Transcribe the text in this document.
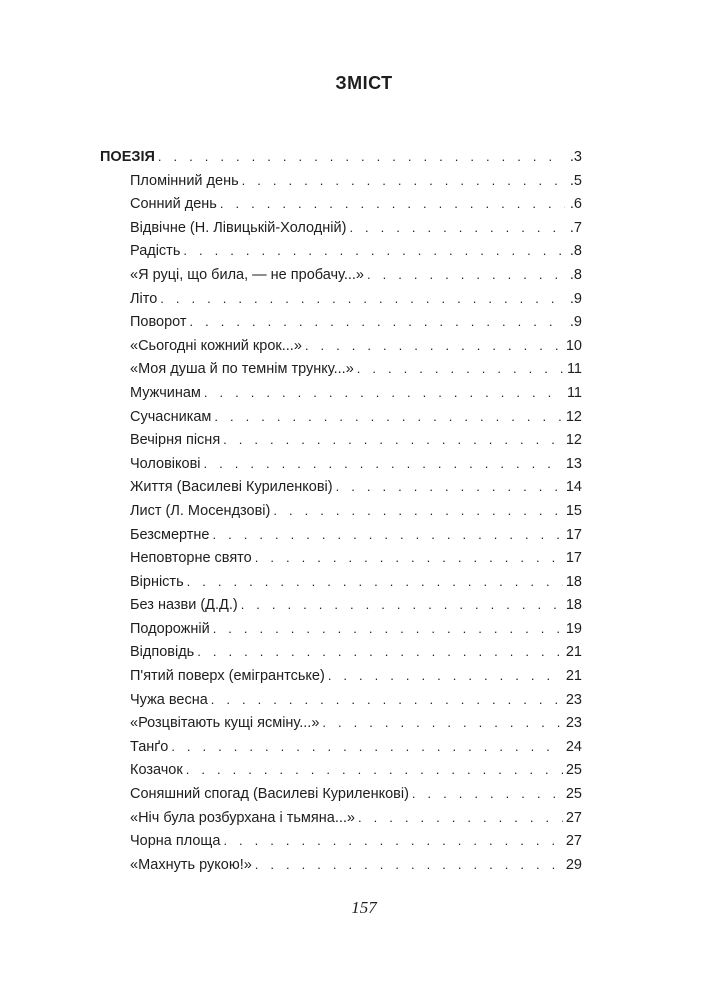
ЗМІСТ
ПОЕЗІЯ . . .	.3
Пломінний день . . .	.5
Сонний день . . .	.6
Відвічне (Н. Лівицькій-Холодній) . . .	.7
Радість . . .	.8
«Я руці, що била, — не пробачу...» . . .	.8
Літо . . .	.9
Поворот . . .	.9
«Сьогодні кожний крок...» . . .	10
«Моя душа й по темнім трунку...» . . .	11
Мужчинам . . .	11
Сучасникам . . .	12
Вечірня пісня . . .	12
Чоловікові . . .	13
Життя (Василеві Куриленкові) . . .	14
Лист (Л. Мосендзові) . . .	15
Безсмертне . . .	17
Неповторне свято . . .	17
Вірність . . .	18
Без назви (Д.Д.) . . .	18
Подорожній . . .	19
Відповідь . . .	21
П'ятий поверх (емігрантське) . . .	21
Чужа весна . . .	23
«Розцвітають кущі ясміну...» . . .	23
Танґо . . .	24
Козачок . . .	25
Соняшний спогад (Василеві Куриленкові) . . .	25
«Ніч була розбурхана і тьмяна...» . . .	27
Чорна площа . . .	27
«Махнуть рукою!» . . .	29
157
